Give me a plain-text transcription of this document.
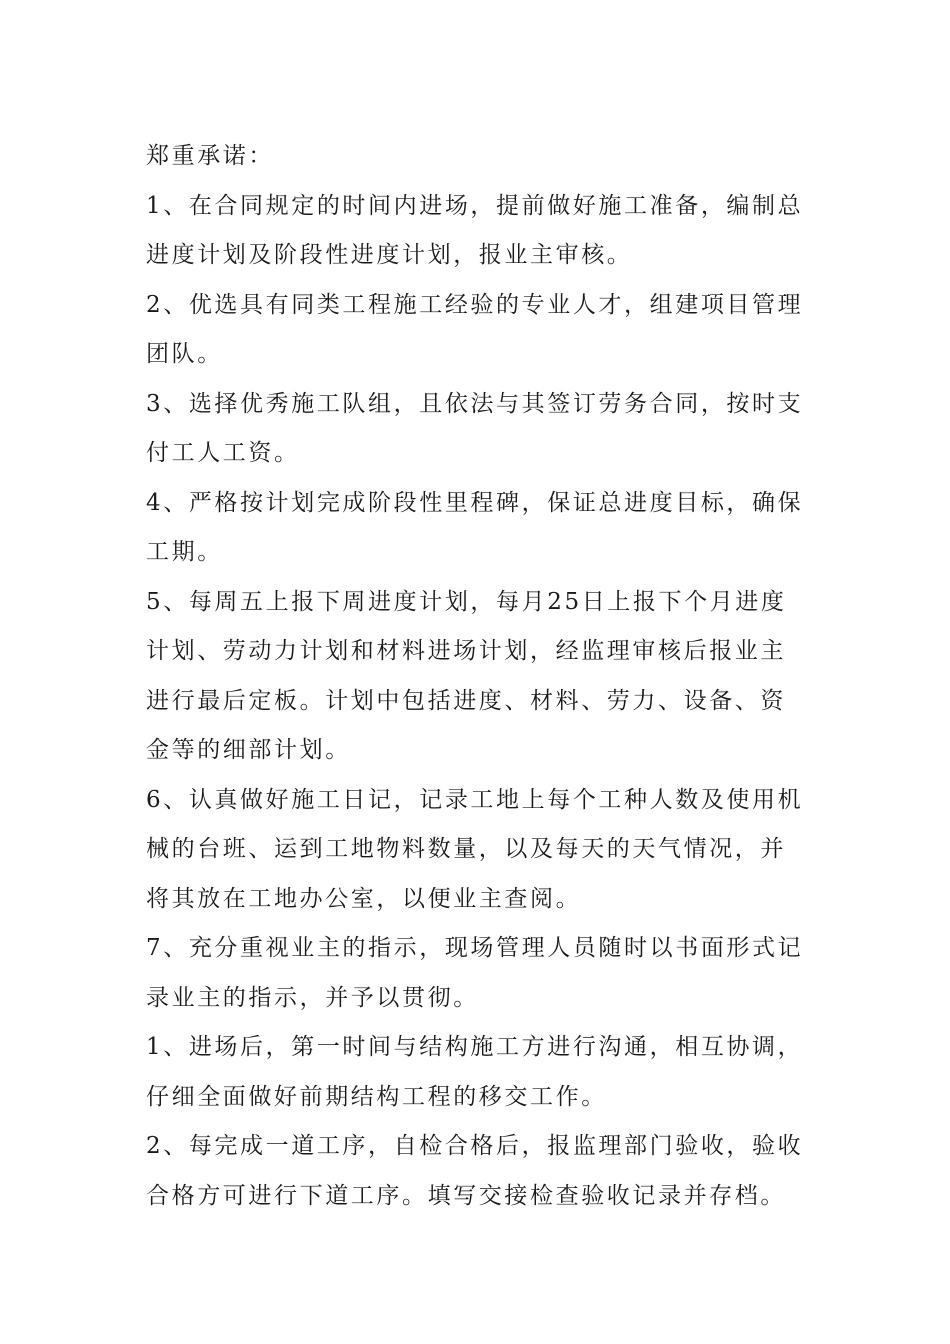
郑重承诺：

1、在合同规定的时间内进场，提前做好施工准备，编制总进度计划及阶段性进度计划，报业主审核。

2、优选具有同类工程施工经验的专业人才，组建项目管理团队。

3、选择优秀施工队组，且依法与其签订劳务合同，按时支付工人工资。

4、严格按计划完成阶段性里程碑，保证总进度目标，确保工期。

5、每周五上报下周进度计划，每月25日上报下个月进度计划、劳动力计划和材料进场计划，经监理审核后报业主进行最后定板。计划中包括进度、材料、劳力、设备、资金等的细部计划。

6、认真做好施工日记，记录工地上每个工种人数及使用机械的台班、运到工地物料数量，以及每天的天气情况，并将其放在工地办公室，以便业主查阅。

7、充分重视业主的指示，现场管理人员随时以书面形式记录业主的指示，并予以贯彻。

1、进场后，第一时间与结构施工方进行沟通，相互协调，仔细全面做好前期结构工程的移交工作。

2、每完成一道工序，自检合格后，报监理部门验收，验收合格方可进行下道工序。填写交接检查验收记录并存档。
